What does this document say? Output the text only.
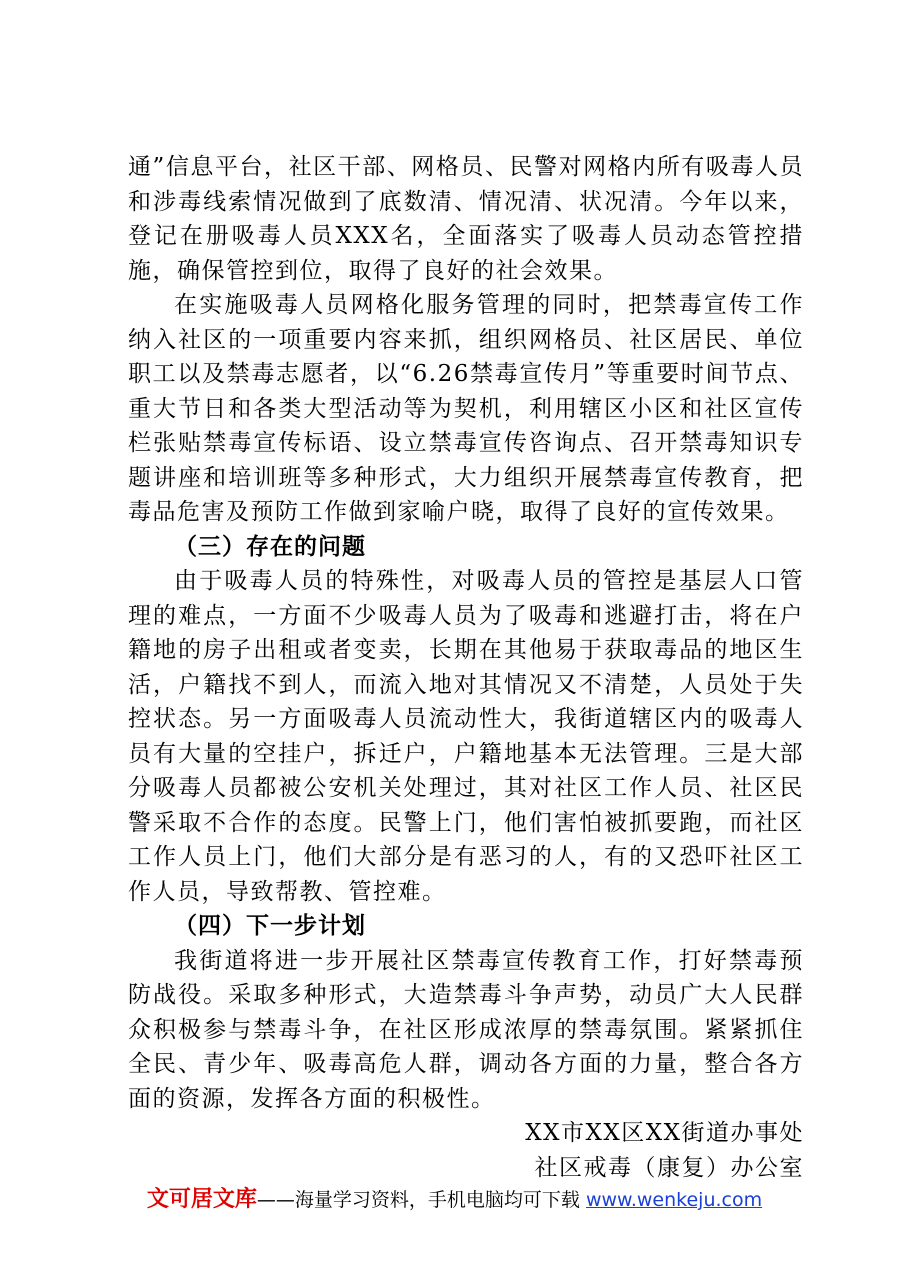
通”信息平台，社区干部、网格员、民警对网格内所有吸毒人员和涉毒线索情况做到了底数清、情况清、状况清。今年以来，登记在册吸毒人员XXX名，全面落实了吸毒人员动态管控措施，确保管控到位，取得了良好的社会效果。

在实施吸毒人员网格化服务管理的同时，把禁毒宣传工作纳入社区的一项重要内容来抓，组织网格员、社区居民、单位职工以及禁毒志愿者，以“6.26禁毒宣传月”等重要时间节点、重大节日和各类大型活动等为契机，利用辖区小区和社区宣传栏张贴禁毒宣传标语、设立禁毒宣传咨询点、召开禁毒知识专题讲座和培训班等多种形式，大力组织开展禁毒宣传教育，把毒品危害及预防工作做到家喻户晓，取得了良好的宣传效果。

（三）存在的问题

由于吸毒人员的特殊性，对吸毒人员的管控是基层人口管理的难点，一方面不少吸毒人员为了吸毒和逃避打击，将在户籍地的房子出租或者变卖，长期在其他易于获取毒品的地区生活，户籍找不到人，而流入地对其情况又不清楚，人员处于失控状态。另一方面吸毒人员流动性大，我街道辖区内的吸毒人员有大量的空挂户，拆迁户，户籍地基本无法管理。三是大部分吸毒人员都被公安机关处理过，其对社区工作人员、社区民警采取不合作的态度。民警上门，他们害怕被抓要跑，而社区工作人员上门，他们大部分是有恶习的人，有的又恐吓社区工作人员，导致帮教、管控难。

（四）下一步计划

我街道将进一步开展社区禁毒宣传教育工作，打好禁毒预防战役。采取多种形式，大造禁毒斗争声势，动员广大人民群众积极参与禁毒斗争，在社区形成浓厚的禁毒氛围。紧紧抓住全民、青少年、吸毒高危人群，调动各方面的力量，整合各方面的资源，发挥各方面的积极性。

XX市XX区XX街道办事处

社区戒毒（康复）办公室

文可居文库——海量学习资料，手机电脑均可下载 www.wenkeju.com
